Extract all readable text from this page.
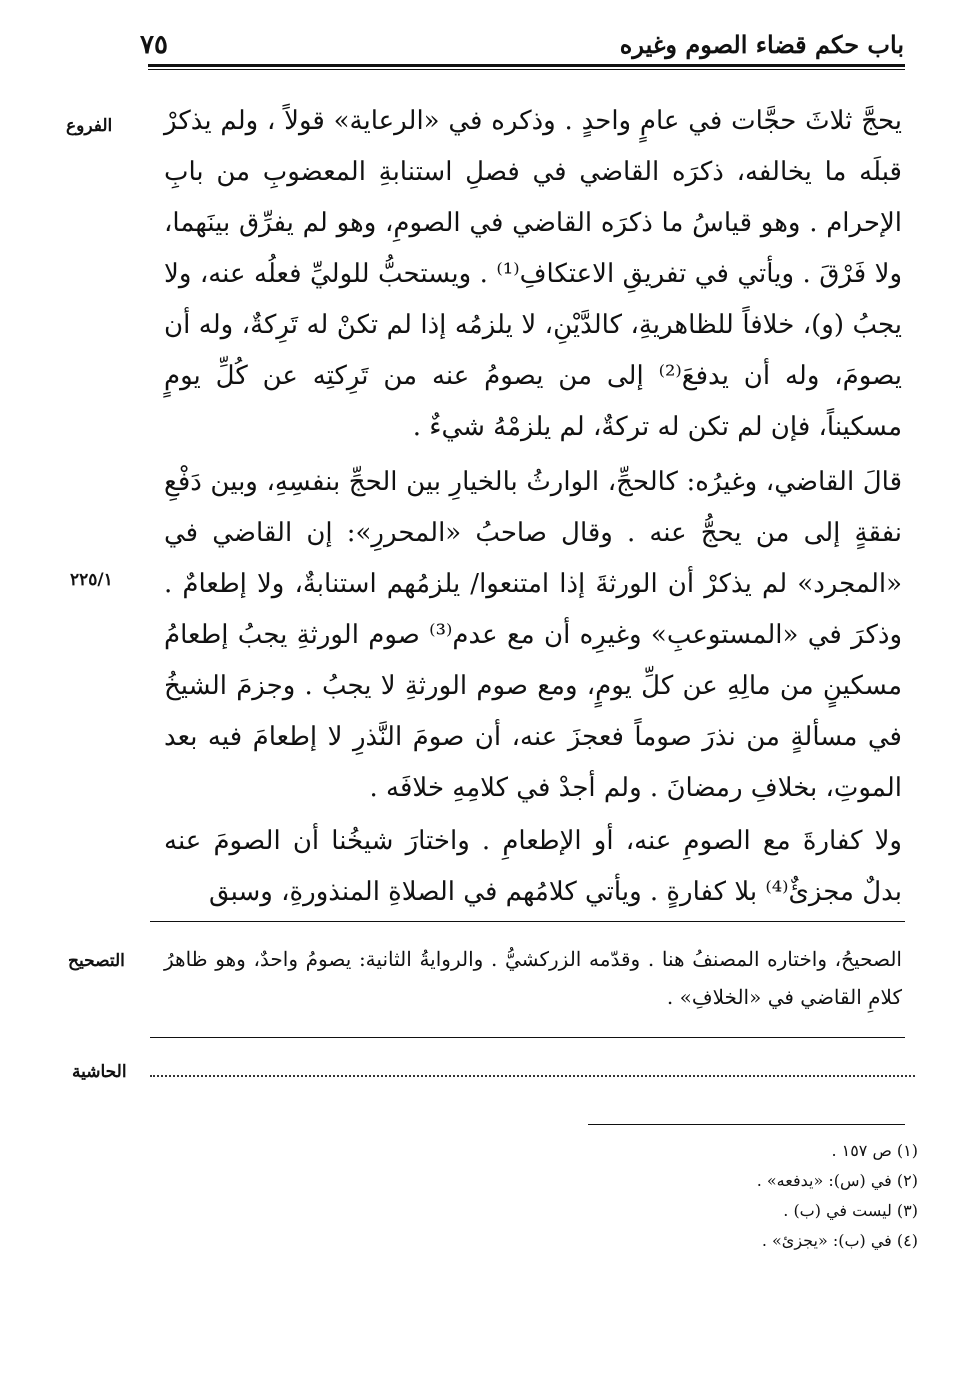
باب حكم قضاء الصوم وغيره
٧٥
الفروع
٢٢٥/١
التصحيح
الحاشية

يحجَّ ثلاثَ حجَّات في عامٍ واحدٍ . وذكره في «الرعاية» قولاً ، ولم يذكرْ قبلَه ما يخالفه، ذكرَه القاضي في فصلِ استنابةِ المعضوبِ من بابِ الإحرام . وهو قياسُ ما ذكرَه القاضي في الصومِ، وهو لم يفرِّق بينَهما، ولا فَرْقَ . ويأتي في تفريقِ الاعتكافِ⁽¹⁾ . ويستحبُّ للوليِّ فعلُه عنه، ولا يجبُ (و)، خلافاً للظاهريةِ، كالدَّيْنِ، لا يلزمُه إذا لم تكنْ له تَرِكةٌ، وله أن يصومَ، وله أن يدفعَ⁽²⁾ إلى من يصومُ عنه من تَرِكتِه عن كُلِّ يومٍ مسكيناً، فإن لم تكن له تركةٌ، لم يلزمْهُ شيءٌ .

قالَ القاضي، وغيرُه: كالحجِّ، الوارثُ بالخيارِ بين الحجِّ بنفسِهِ، وبين دَفْعِ نفقةٍ إلى من يحجُّ عنه . وقال صاحبُ «المحررِ»: إن القاضي في «المجرد» لم يذكرْ أن الورثةَ إذا امتنعوا/ يلزمُهم استنابةٌ، ولا إطعامٌ . وذكرَ في «المستوعبِ» وغيرِه أن مع عدم⁽³⁾ صوم الورثةِ يجبُ إطعامُ مسكينٍ من مالِهِ عن كلِّ يومٍ، ومع صوم الورثةِ لا يجبُ . وجزمَ الشيخُ في مسألةٍ من نذرَ صوماً فعجزَ عنه، أن صومَ النَّذرِ لا إطعامَ فيه بعد الموتِ، بخلافِ رمضانَ . ولم أجدْ في كلامِهِ خلافَه .

ولا كفارةَ مع الصومِ عنه، أو الإطعامِ . واختارَ شيخُنا أن الصومَ عنه بدلٌ مجزئٌ⁽⁴⁾ بلا كفارةٍ . ويأتي كلامُهم في الصلاةِ المنذورةِ، وسبق

الصحيحُ، واختاره المصنفُ هنا . وقدّمه الزركشيُّ . والروايةُ الثانية: يصومُ واحدٌ، وهو ظاهرُ كلامِ القاضي في «الخلافِ» .
(١) ص ١٥٧ .
(٢) في (س): «يدفعه» .
(٣) ليست في (ب) .
(٤) في (ب): «يجزئ» .
